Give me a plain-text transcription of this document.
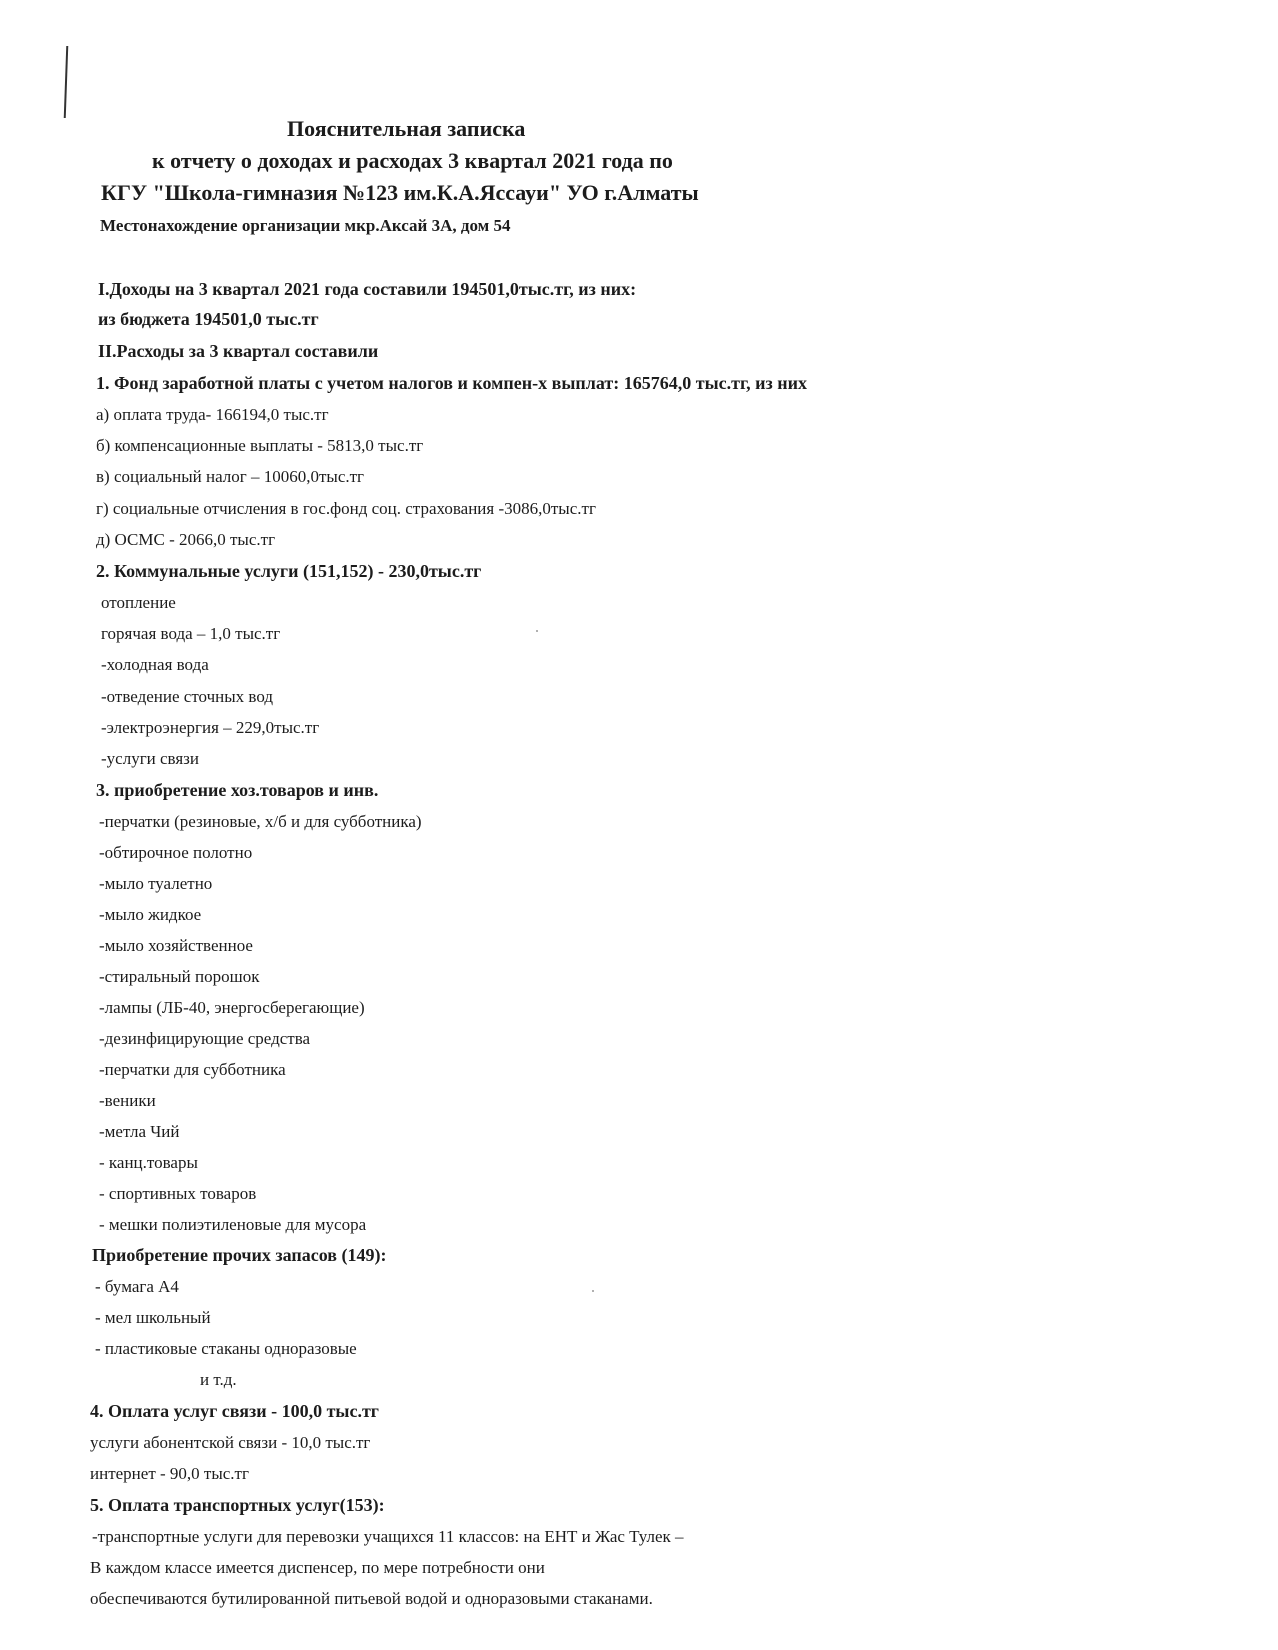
Пояснительная записка
к отчету о доходах и расходах 3 квартал 2021 года по
КГУ "Школа-гимназия №123 им.К.А.Яссауи" УО г.Алматы
Местонахождение организации мкр.Аксай 3А, дом 54
I.Доходы на 3 квартал 2021 года составили 194501,0тыс.тг, из них:
из бюджета 194501,0 тыс.тг
II.Расходы за 3 квартал составили
1. Фонд заработной платы с учетом налогов и компен-х выплат: 165764,0 тыс.тг, из них
а) оплата труда- 166194,0 тыс.тг
б) компенсационные выплаты - 5813,0 тыс.тг
в) социальный налог – 10060,0тыс.тг
г) социальные отчисления в гос.фонд соц. страхования -3086,0тыс.тг
д) ОСМС - 2066,0 тыс.тг
2. Коммунальные услуги (151,152) - 230,0тыс.тг
отопление
горячая вода – 1,0 тыс.тг
-холодная вода
-отведение сточных вод
-электроэнергия – 229,0тыс.тг
-услуги связи
3. приобретение хоз.товаров и инв.
-перчатки (резиновые, х/б и для субботника)
-обтирочное полотно
-мыло туалетно
-мыло жидкое
-мыло хозяйственное
-стиральный порошок
-лампы (ЛБ-40, энергосберегающие)
-дезинфицирующие средства
-перчатки для субботника
-веники
-метла Чий
- канц.товары
- спортивных товаров
- мешки полиэтиленовые для мусора
Приобретение прочих запасов (149):
- бумага А4
- мел школьный
- пластиковые стаканы одноразовые
и т.д.
4. Оплата услуг связи - 100,0 тыс.тг
услуги абонентской связи - 10,0 тыс.тг
интернет - 90,0 тыс.тг
5. Оплата транспортных услуг(153):
-транспортные услуги для перевозки учащихся 11 классов: на ЕНТ и Жас Тулек –
В каждом классе имеется диспенсер, по мере потребности они
обеспечиваются бутилированной питьевой водой и одноразовыми стаканами.
